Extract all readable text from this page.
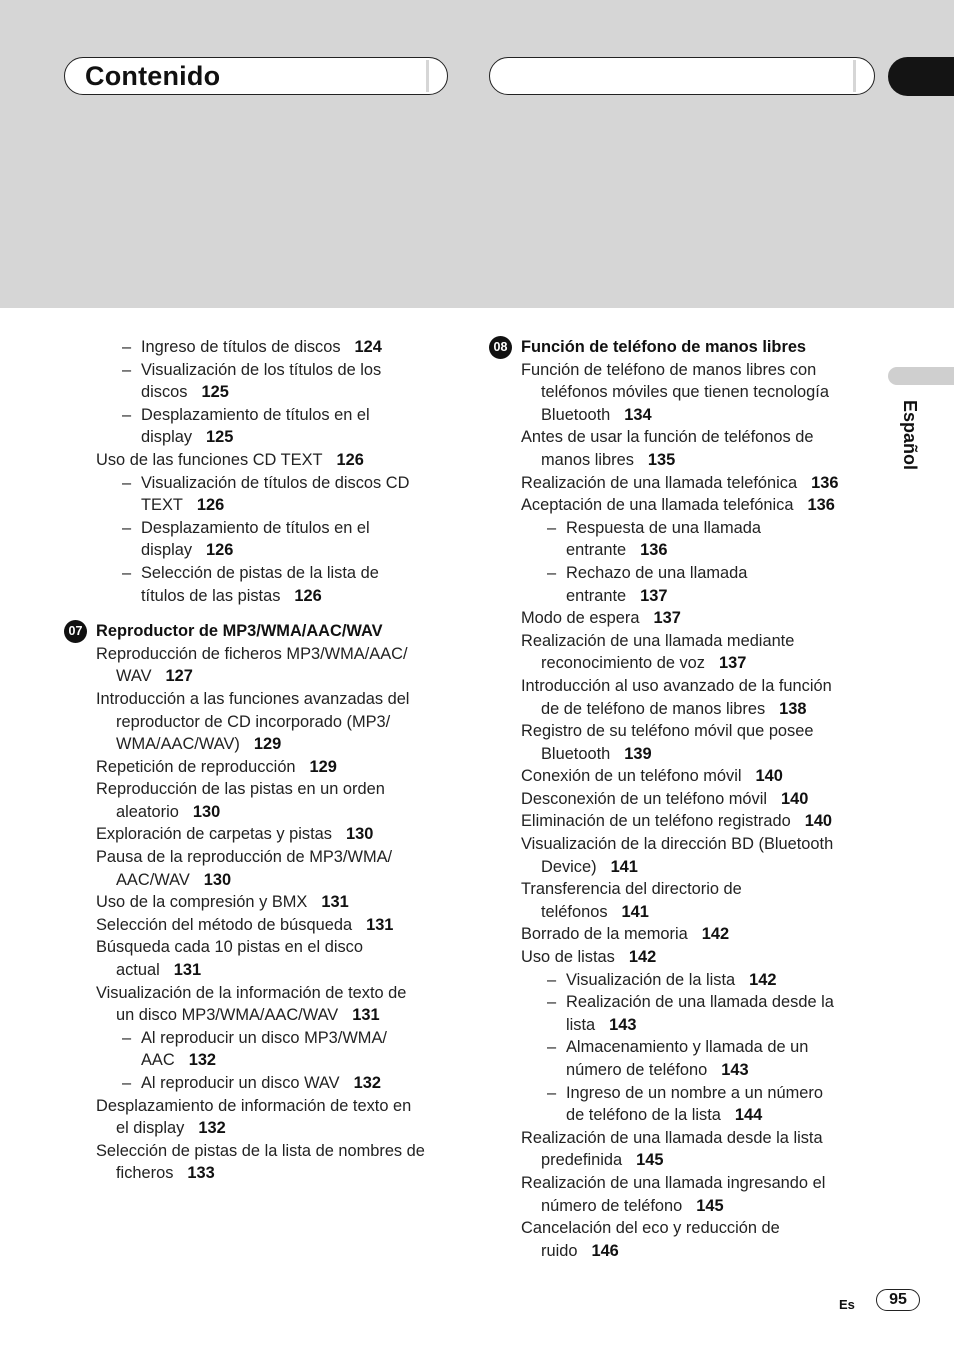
Contenido
Español
– Ingreso de títulos de discos 124
– Visualización de los títulos de los
discos 125
– Desplazamiento de títulos en el
display 125
Uso de las funciones CD TEXT 126
– Visualización de títulos de discos CD
TEXT 126
– Desplazamiento de títulos en el
display 126
– Selección de pistas de la lista de
títulos de las pistas 126
07 Reproductor de MP3/WMA/AAC/WAV
Reproducción de ficheros MP3/WMA/AAC/
WAV 127
Introducción a las funciones avanzadas del
reproductor de CD incorporado (MP3/
WMA/AAC/WAV) 129
Repetición de reproducción 129
Reproducción de las pistas en un orden
aleatorio 130
Exploración de carpetas y pistas 130
Pausa de la reproducción de MP3/WMA/
AAC/WAV 130
Uso de la compresión y BMX 131
Selección del método de búsqueda 131
Búsqueda cada 10 pistas en el disco
actual 131
Visualización de la información de texto de
un disco MP3/WMA/AAC/WAV 131
– Al reproducir un disco MP3/WMA/
AAC 132
– Al reproducir un disco WAV 132
Desplazamiento de información de texto en
el display 132
Selección de pistas de la lista de nombres de
ficheros 133
08 Función de teléfono de manos libres
Función de teléfono de manos libres con
teléfonos móviles que tienen tecnología
Bluetooth 134
Antes de usar la función de teléfonos de
manos libres 135
Realización de una llamada telefónica 136
Aceptación de una llamada telefónica 136
– Respuesta de una llamada
entrante 136
– Rechazo de una llamada
entrante 137
Modo de espera 137
Realización de una llamada mediante
reconocimiento de voz 137
Introducción al uso avanzado de la función
de de teléfono de manos libres 138
Registro de su teléfono móvil que posee
Bluetooth 139
Conexión de un teléfono móvil 140
Desconexión de un teléfono móvil 140
Eliminación de un teléfono registrado 140
Visualización de la dirección BD (Bluetooth
Device) 141
Transferencia del directorio de
teléfonos 141
Borrado de la memoria 142
Uso de listas 142
– Visualización de la lista 142
– Realización de una llamada desde la
lista 143
– Almacenamiento y llamada de un
número de teléfono 143
– Ingreso de un nombre a un número
de teléfono de la lista 144
Realización de una llamada desde la lista
predefinida 145
Realización de una llamada ingresando el
número de teléfono 145
Cancelación del eco y reducción de
ruido 146
Es	95
